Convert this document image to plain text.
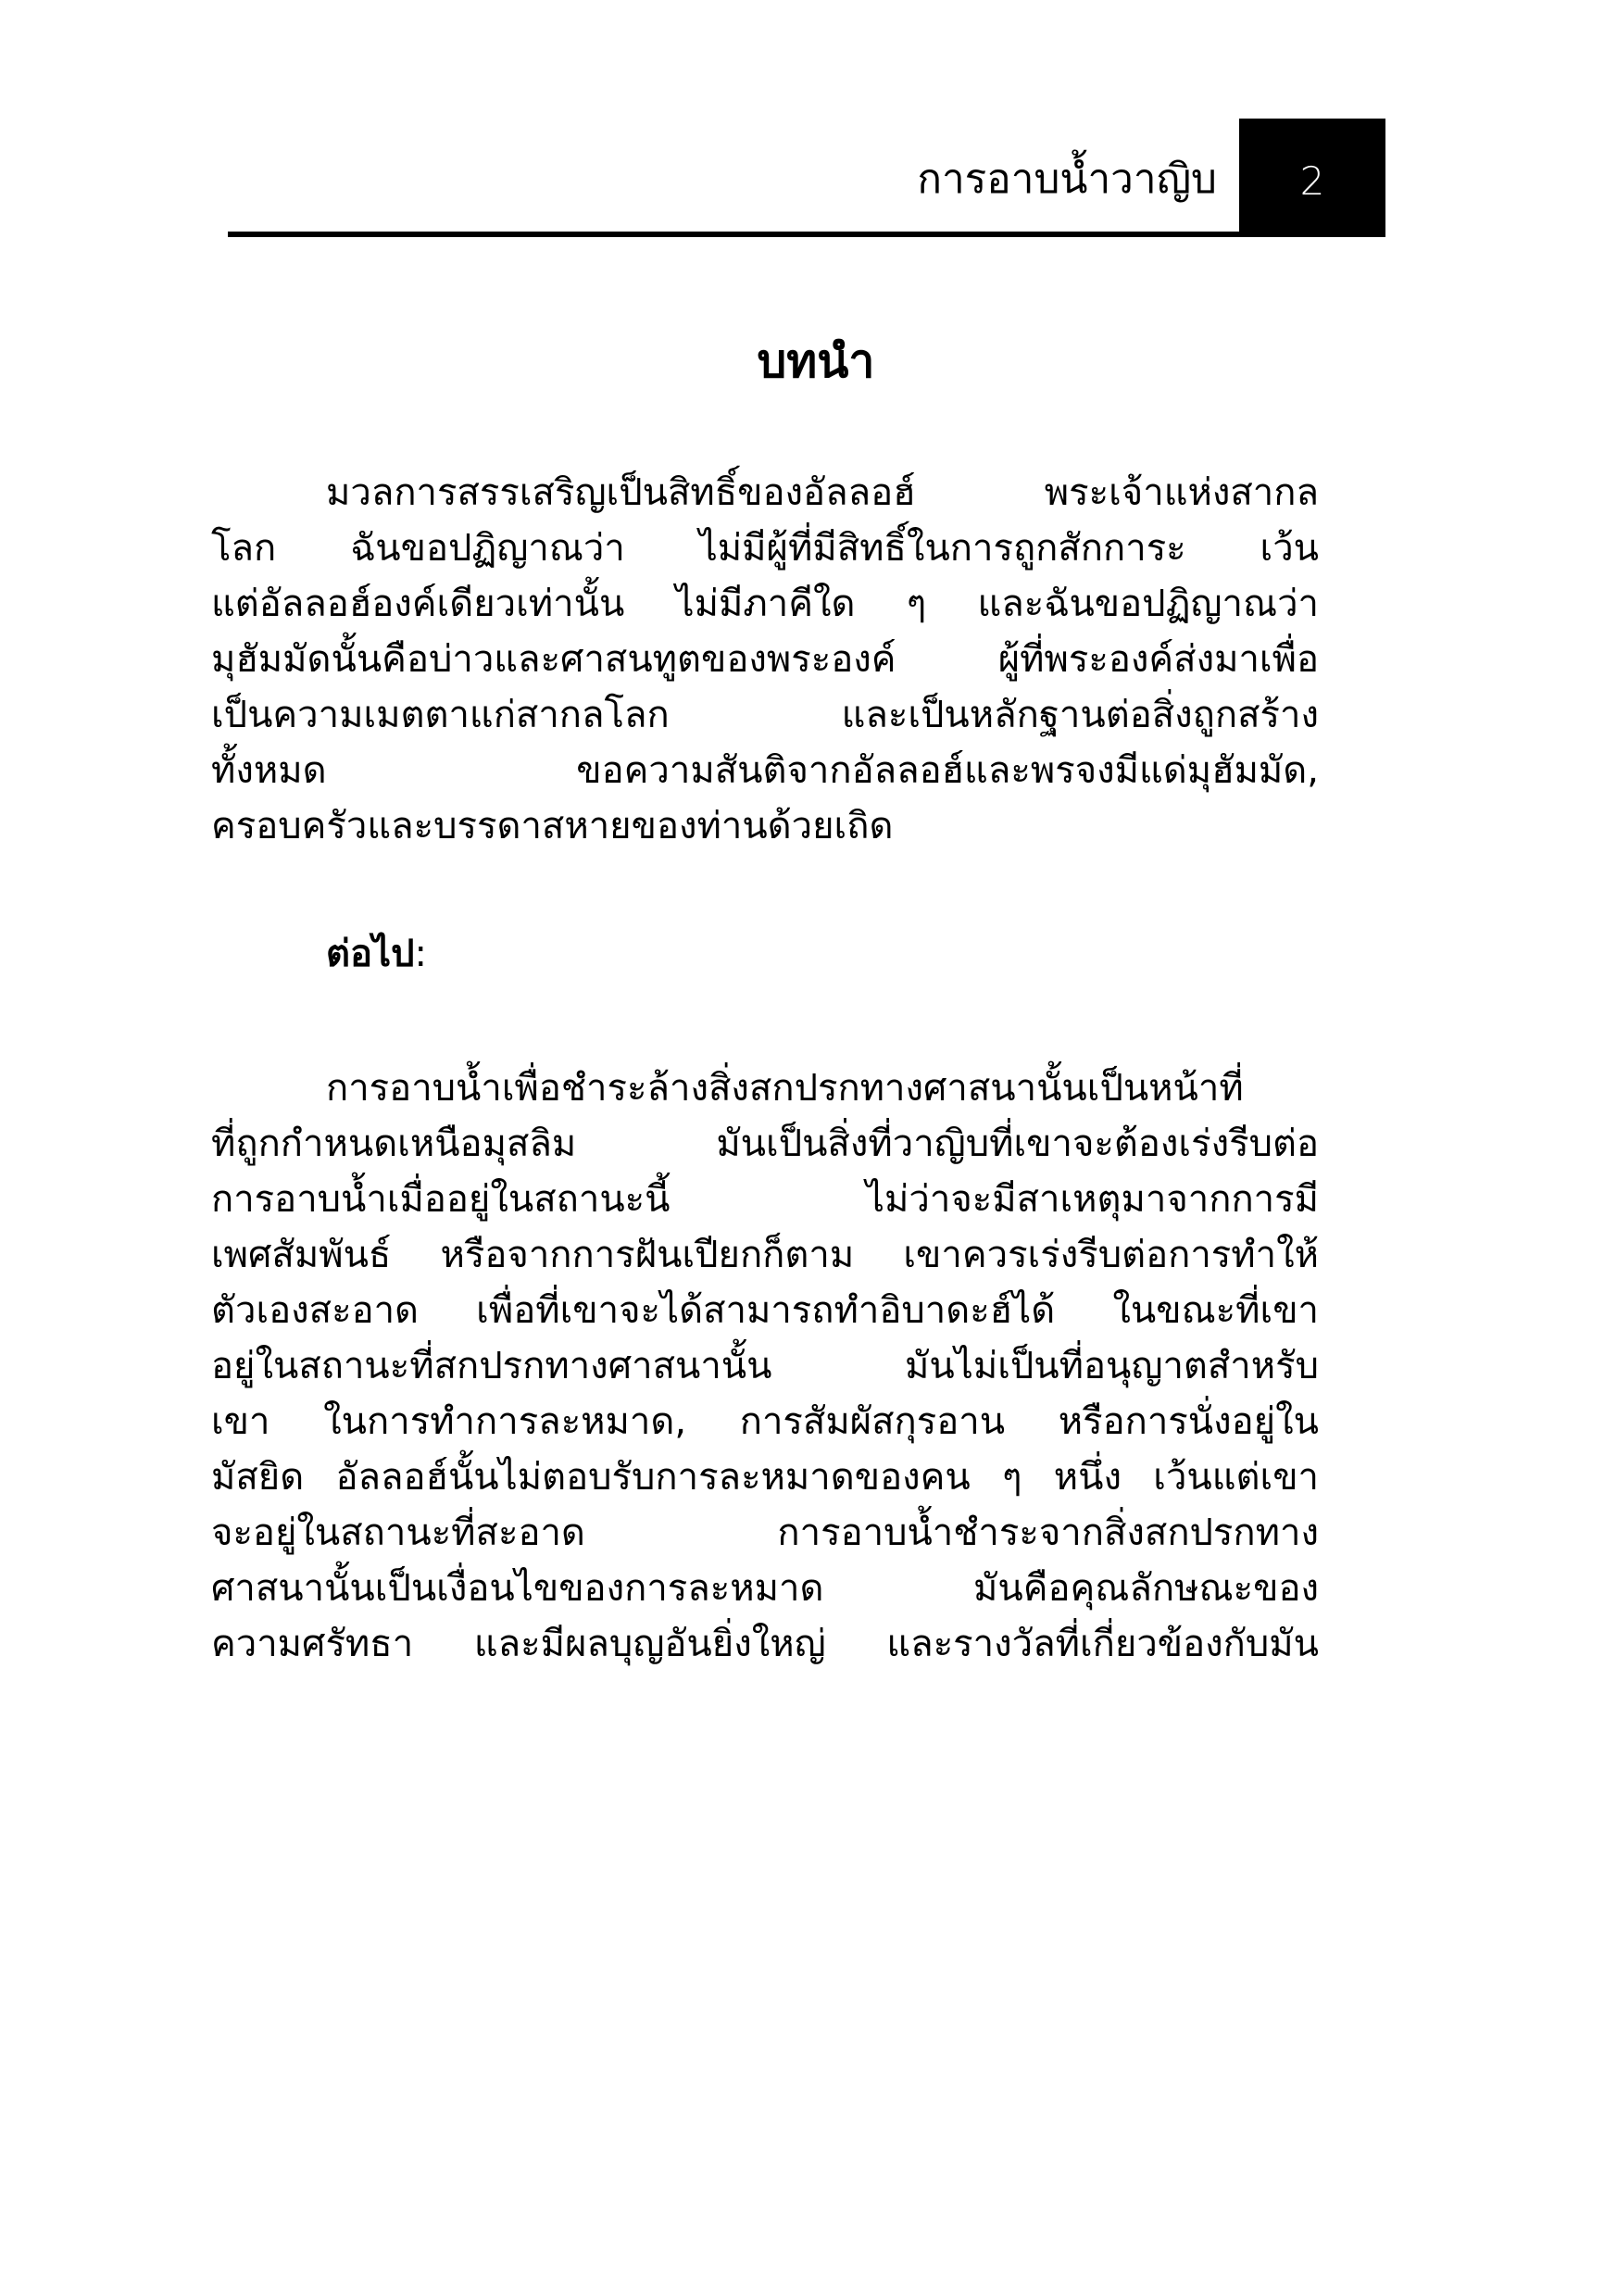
การอาบน้ำวาญิบ 2
บทนำ
มวลการสรรเสริญเป็นสิทธิ์ของอัลลอฮ์ พระเจ้าแห่งสากล
โลก ฉันขอปฏิญาณว่า ไม่มีผู้ที่มีสิทธิ์ในการถูกสักการะ เว้น
แต่อัลลอฮ์องค์เดียวเท่านั้น ไม่มีภาคีใด ๆ และฉันขอปฏิญาณว่า
มุฮัมมัดนั้นคือบ่าวและศาสนทูตของพระองค์ ผู้ที่พระองค์ส่งมาเพื่อ
เป็นความเมตตาแก่สากลโลก และเป็นหลักฐานต่อสิ่งถูกสร้าง
ทั้งหมด ขอความสันติจากอัลลอฮ์และพรจงมีแด่มุฮัมมัด,
ครอบครัวและบรรดาสหายของท่านด้วยเถิด
ต่อไป:
การอาบน้ำเพื่อชำระล้างสิ่งสกปรกทางศาสนานั้นเป็นหน้าที่
ที่ถูกกำหนดเหนือมุสลิม มันเป็นสิ่งที่วาญิบที่เขาจะต้องเร่งรีบต่อ
การอาบน้ำเมื่ออยู่ในสถานะนี้ ไม่ว่าจะมีสาเหตุมาจากการมี
เพศสัมพันธ์ หรือจากการฝันเปียกก็ตาม เขาควรเร่งรีบต่อการทำให้
ตัวเองสะอาด เพื่อที่เขาจะได้สามารถทำอิบาดะฮ์ได้ ในขณะที่เขา
อยู่ในสถานะที่สกปรกทางศาสนานั้น มันไม่เป็นที่อนุญาตสำหรับ
เขา ในการทำการละหมาด, การสัมผัสกุรอาน หรือการนั่งอยู่ใน
มัสยิด อัลลอฮ์นั้นไม่ตอบรับการละหมาดของคน ๆ หนึ่ง เว้นแต่เขา
จะอยู่ในสถานะที่สะอาด การอาบน้ำชำระจากสิ่งสกปรกทาง
ศาสนานั้นเป็นเงื่อนไขของการละหมาด มันคือคุณลักษณะของ
ความศรัทธา และมีผลบุญอันยิ่งใหญ่ และรางวัลที่เกี่ยวข้องกับมัน
